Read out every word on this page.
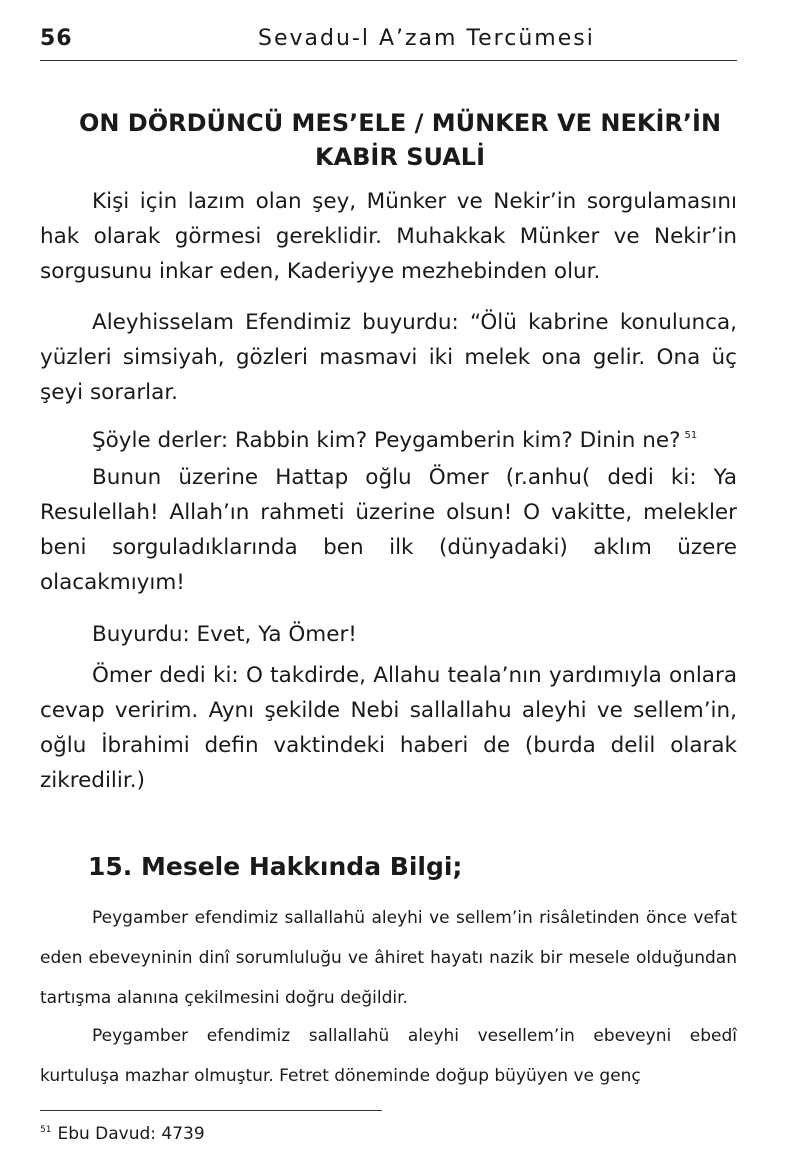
56	Sevadu-l A’zam Tercümesi
ON DÖRDÜNCÜ MES’ELE / MÜNKER VE NEKİR’İN
KABİR SUALİ

Kişi için lazım olan şey, Münker ve Nekir’in sorgulamasını hak olarak görmesi gereklidir. Muhakkak Münker ve Nekir’in sorgusunu inkar eden, Kaderiyye mezhebinden olur.

Aleyhisselam Efendimiz buyurdu: “Ölü kabrine konulunca, yüzleri simsiyah, gözleri masmavi iki melek ona gelir. Ona üç şeyi sorarlar.

Şöyle derler: Rabbin kim? Peygamberin kim? Dinin ne? $^{51}$

Bunun üzerine Hattap oğlu Ömer (r.anhu( dedi ki: Ya Resulellah! Allah’ın rahmeti üzerine olsun! O vakitte, melekler beni sorguladıklarında ben ilk (dünyadaki) aklım üzere olacakmıyım!

Buyurdu: Evet, Ya Ömer!

Ömer dedi ki: O takdirde, Allahu teala’nın yardımıyla onlara cevap veririm. Aynı şekilde Nebi sallallahu aleyhi ve sellem’in, oğlu İbrahimi defin vaktindeki haberi de (burda delil olarak zikredilir.)

15. Mesele Hakkında Bilgi;

Peygamber efendimiz sallallahü aleyhi ve sellem’in risâletinden önce vefat eden ebeveyninin dinî sorumluluğu ve âhiret hayatı nazik bir mesele olduğundan tartışma alanına çekilmesini doğru değildir.

Peygamber efendimiz sallallahü aleyhi vesellem’in ebeveyni ebedî kurtuluşa mazhar olmuştur. Fetret döneminde doğup büyüyen ve genç

$^{51}$ Ebu Davud: 4739
